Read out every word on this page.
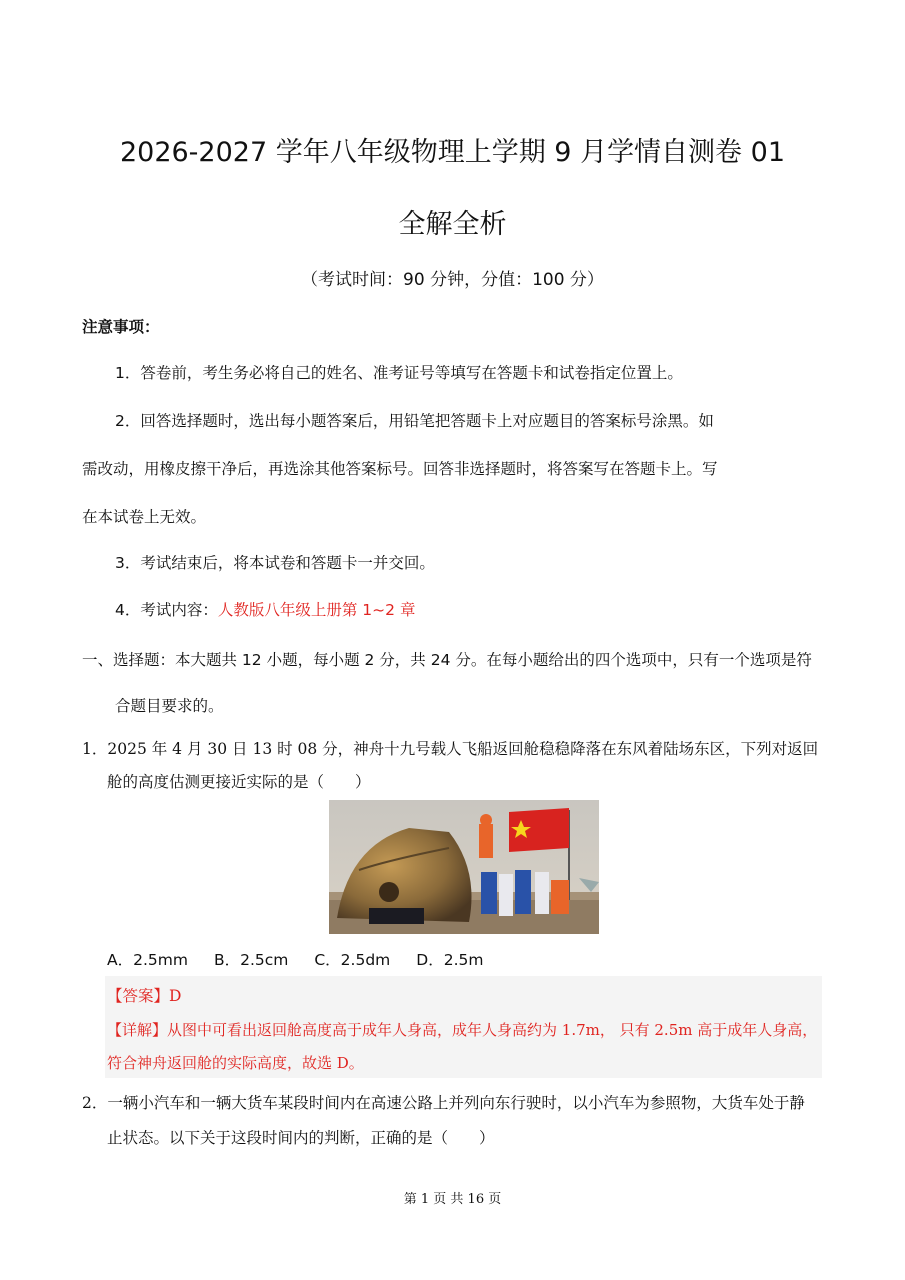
2026-2027 学年八年级物理上学期 9 月学情自测卷 01
全解全析

（考试时间：90 分钟，分值：100 分）

注意事项：

1．答卷前，考生务必将自己的姓名、准考证号等填写在答题卡和试卷指定位置上。

2．回答选择题时，选出每小题答案后，用铅笔把答题卡上对应题目的答案标号涂黑。如

需改动，用橡皮擦干净后，再选涂其他答案标号。回答非选择题时，将答案写在答题卡上。写

在本试卷上无效。

3．考试结束后，将本试卷和答题卡一并交回。

4．考试内容：人教版八年级上册第 1~2 章

一、选择题：本大题共 12 小题，每小题 2 分，共 24 分。在每小题给出的四个选项中，只有一个选项是符

合题目要求的。

1．2025 年 4 月 30 日 13 时 08 分，神舟十九号载人飞船返回舱稳稳降落在东风着陆场东区，下列对返回

舱的高度估测更接近实际的是（　　）

A．2.5mm B．2.5cm C．2.5dm D．2.5m

【答案】D

【详解】从图中可看出返回舱高度高于成年人身高，成年人身高约为 1.7m， 只有 2.5m 高于成年人身高，

符合神舟返回舱的实际高度，故选 D。

2．一辆小汽车和一辆大货车某段时间内在高速公路上并列向东行驶时，以小汽车为参照物，大货车处于静

止状态。以下关于这段时间内的判断，正确的是（　　）

第 1 页 共 16 页
